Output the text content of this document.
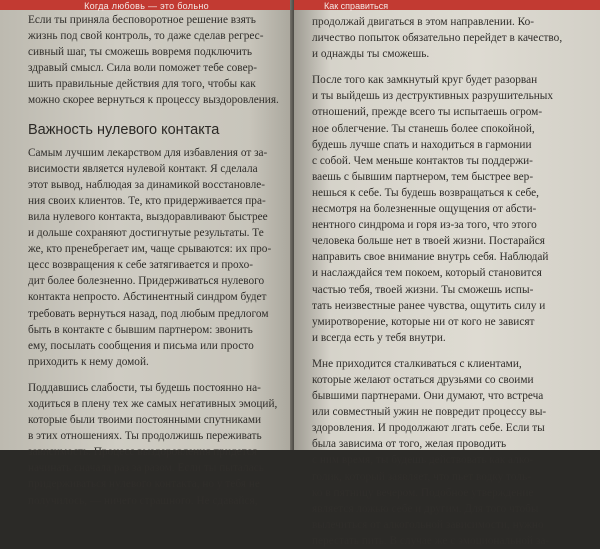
Когда любовь — это больно
Если ты приняла бесповоротное решение взять
жизнь под свой контроль, то даже сделав регрес-
сивный шаг, ты сможешь вовремя подключить
здравый смысл. Сила воли поможет тебе совер-
шить правильные действия для того, чтобы как
можно скорее вернуться к процессу выздоровления.
Важность нулевого контакта
Самым лучшим лекарством для избавления от за-
висимости является нулевой контакт. Я сделала
этот вывод, наблюдая за динамикой восстановле-
ния своих клиентов. Те, кто придерживается пра-
вила нулевого контакта, выздоравливают быстрее
и дольше сохраняют достигнутые результаты. Те
же, кто пренебрегает им, чаще срываются: их про-
цесс возвращения к себе затягивается и прохо-
дит более болезненно. Придерживаться нулевого
контакта непросто. Абстинентный синдром будет
требовать вернуться назад, под любым предлогом
быть в контакте с бывшим партнером: звонить
ему, посылать сообщения и письма или просто
приходить к нему домой.
Поддавшись слабости, ты будешь постоянно на-
ходиться в плену тех же самых негативных эмоций,
которые были твоими постоянными спутниками
в этих отношениях. Ты продолжишь переживать
зависимость. Процесс выздоровления придется
начинать сначала раз за разом. Если ты пыталась
придерживаться нулевого контакта, но у тебя не
получилось, — ничего страшного. Не сдавайся,
Как справиться
продолжай двигаться в этом направлении. Ко-
личество попыток обязательно перейдет в качество,
и однажды ты сможешь.
После того как замкнутый круг будет разорван
и ты выйдешь из деструктивных разрушительных
отношений, прежде всего ты испытаешь огром-
ное облегчение. Ты станешь более спокойной,
будешь лучше спать и находиться в гармонии
с собой. Чем меньше контактов ты поддержи-
ваешь с бывшим партнером, тем быстрее вер-
нешься к себе. Ты будешь возвращаться к себе,
несмотря на болезненные ощущения от абсти-
нентного синдрома и горя из-за того, что этого
человека больше нет в твоей жизни. Постарайся
направить свое внимание внутрь себя. Наблюдай
и наслаждайся тем покоем, который становится
частью тебя, твоей жизни. Ты сможешь испы-
тать неизвестные ранее чувства, ощутить силу и
умиротворение, которые ни от кого не зависят
и всегда есть у тебя внутри.
Мне приходится сталкиваться с клиентами,
которые желают остаться друзьями со своими
бывшими партнерами. Они думают, что встреча
или совместный ужин не повредит процессу вы-
здоровления. И продолжают лгать себе. Если ты
была зависима от того, желая проводить
с ним время, ты будешь действовать как алко-
голик, который заявляет, что пьет водку толь-
ко в пятницу вечером. Подобное утверждение
является ложью себе и другим. Для того чтобы
вылечиться от алкогольной зависимости, нужно
перестать пить. В случае же с эмоциональной за-
